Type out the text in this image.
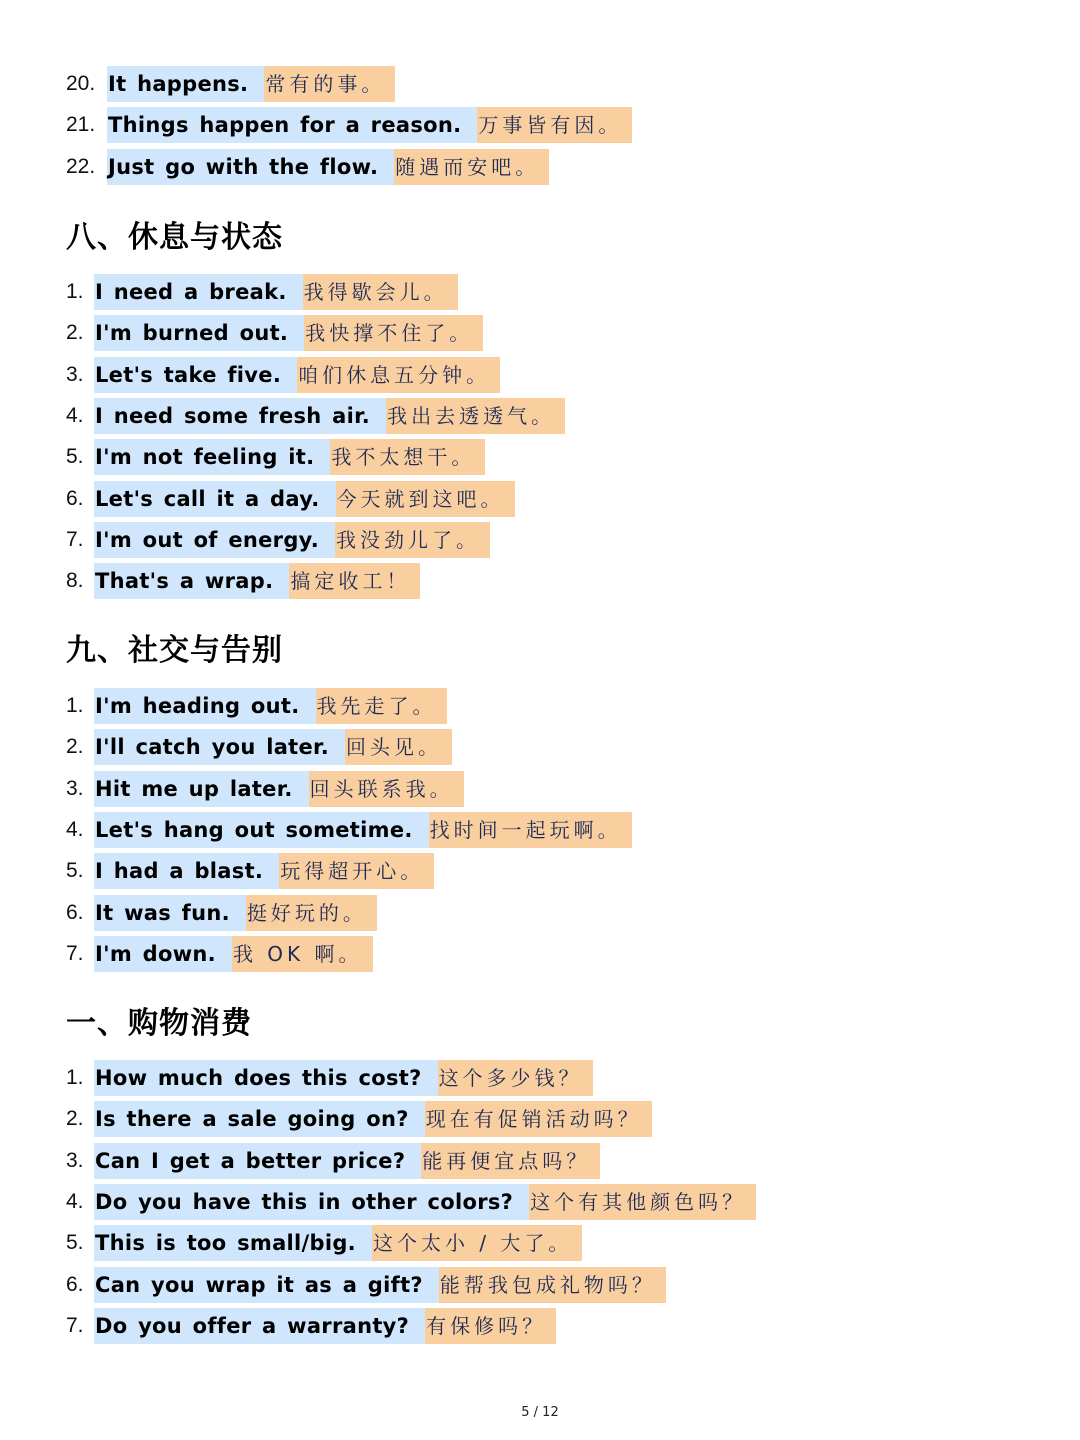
20. It happens. 常有的事。
21. Things happen for a reason. 万事皆有因。
22. Just go with the flow. 随遇而安吧。
八、休息与状态
1. I need a break. 我得歇会儿。
2. I'm burned out. 我快撑不住了。
3. Let's take five. 咱们休息五分钟。
4. I need some fresh air. 我出去透透气。
5. I'm not feeling it. 我不太想干。
6. Let's call it a day. 今天就到这吧。
7. I'm out of energy. 我没劲儿了。
8. That's a wrap. 搞定收工！
九、社交与告别
1. I'm heading out. 我先走了。
2. I'll catch you later. 回头见。
3. Hit me up later. 回头联系我。
4. Let's hang out sometime. 找时间一起玩啊。
5. I had a blast. 玩得超开心。
6. It was fun. 挺好玩的。
7. I'm down. 我 OK 啊。
一、购物消费
1. How much does this cost? 这个多少钱？
2. Is there a sale going on? 现在有促销活动吗？
3. Can I get a better price? 能再便宜点吗？
4. Do you have this in other colors? 这个有其他颜色吗？
5. This is too small/big. 这个太小 / 大了。
6. Can you wrap it as a gift? 能帮我包成礼物吗？
7. Do you offer a warranty? 有保修吗？
5 / 12
